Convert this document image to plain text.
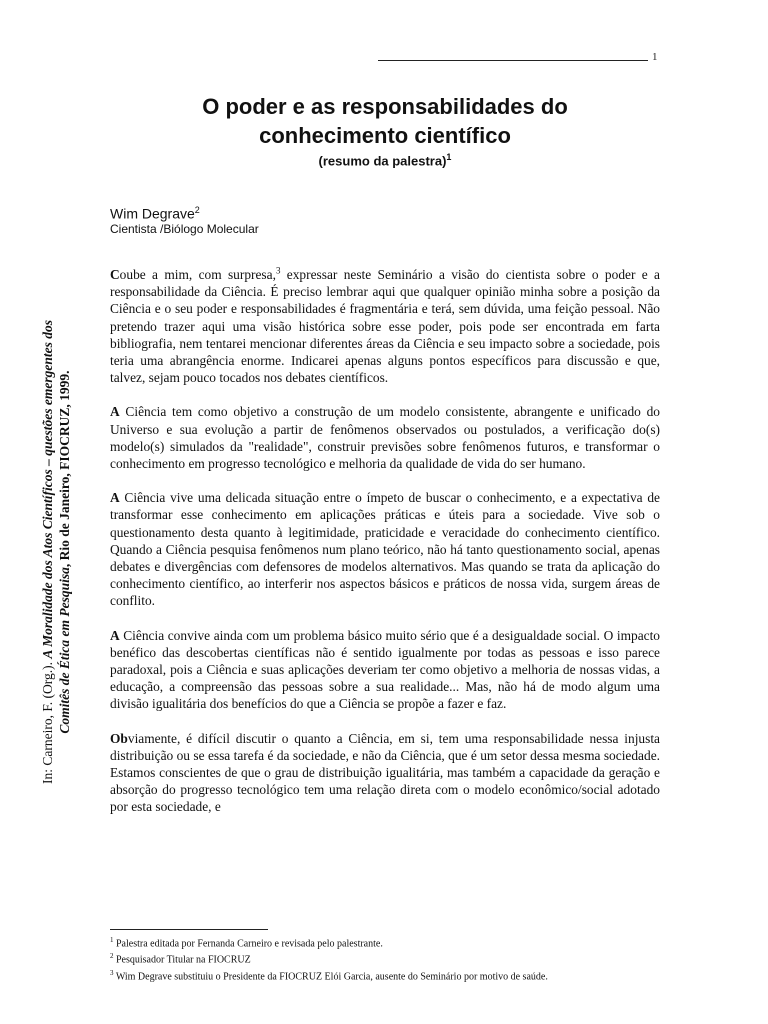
1
O poder e as responsabilidades do
conhecimento científico
(resumo da palestra)$^1$
Wim Degrave$^2$
Cientista /Biólogo Molecular

Coube a mim, com surpresa,$^3$ expressar neste Seminário a visão do cientista sobre o poder e a responsabilidade da Ciência. É preciso lembrar aqui que qualquer opinião minha sobre a posição da Ciência e o seu poder e responsabilidades é fragmentária e terá, sem dúvida, uma feição pessoal. Não pretendo trazer aqui uma visão histórica sobre esse poder, pois pode ser encontrada em farta bibliografia, nem tentarei mencionar diferentes áreas da Ciência e seu impacto sobre a sociedade, pois teria uma abrangência enorme. Indicarei apenas alguns pontos específicos para discussão e que, talvez, sejam pouco tocados nos debates científicos.

A Ciência tem como objetivo a construção de um modelo consistente, abrangente e unificado do Universo e sua evolução a partir de fenômenos observados ou postulados, a verificação do(s) modelo(s) simulados da "realidade", construir previsões sobre fenômenos futuros, e transformar o conhecimento em progresso tecnológico e melhoria da qualidade de vida do ser humano.

A Ciência vive uma delicada situação entre o ímpeto de buscar o conhecimento, e a expectativa de transformar esse conhecimento em aplicações práticas e úteis para a sociedade. Vive sob o questionamento desta quanto à legitimidade, praticidade e veracidade do conhecimento científico. Quando a Ciência pesquisa fenômenos num plano teórico, não há tanto questionamento social, apenas debates e divergências com defensores de modelos alternativos. Mas quando se trata da aplicação do conhecimento científico, ao interferir nos aspectos básicos e práticos de nossa vida, surgem áreas de conflito.

A Ciência convive ainda com um problema básico muito sério que é a desigualdade social. O impacto benéfico das descobertas científicas não é sentido igualmente por todas as pessoas e isso parece paradoxal, pois a Ciência e suas aplicações deveriam ter como objetivo a melhoria de nossas vidas, a educação, a compreensão das pessoas sobre a sua realidade... Mas, não há de modo algum uma divisão igualitária dos benefícios do que a Ciência se propõe a fazer e faz.

Obviamente, é difícil discutir o quanto a Ciência, em si, tem uma responsabilidade nessa injusta distribuição ou se essa tarefa é da sociedade, e não da Ciência, que é um setor dessa mesma sociedade. Estamos conscientes de que o grau de distribuição igualitária, mas também a capacidade da geração e absorção do progresso tecnológico tem uma relação direta com o modelo econômico/social adotado por esta sociedade, e

$^1$ Palestra editada por Fernanda Carneiro e revisada pelo palestrante.
$^2$ Pesquisador Titular na FIOCRUZ
$^3$ Wim Degrave substituiu o Presidente da FIOCRUZ Elói Garcia, ausente do Seminário por motivo de saúde.
In: Carneiro, F. (Org.). A Moralidade dos Atos Científicos – questões emergentes dos Comitês de Ética em Pesquisa, Rio de Janeiro, FIOCRUZ, 1999.
